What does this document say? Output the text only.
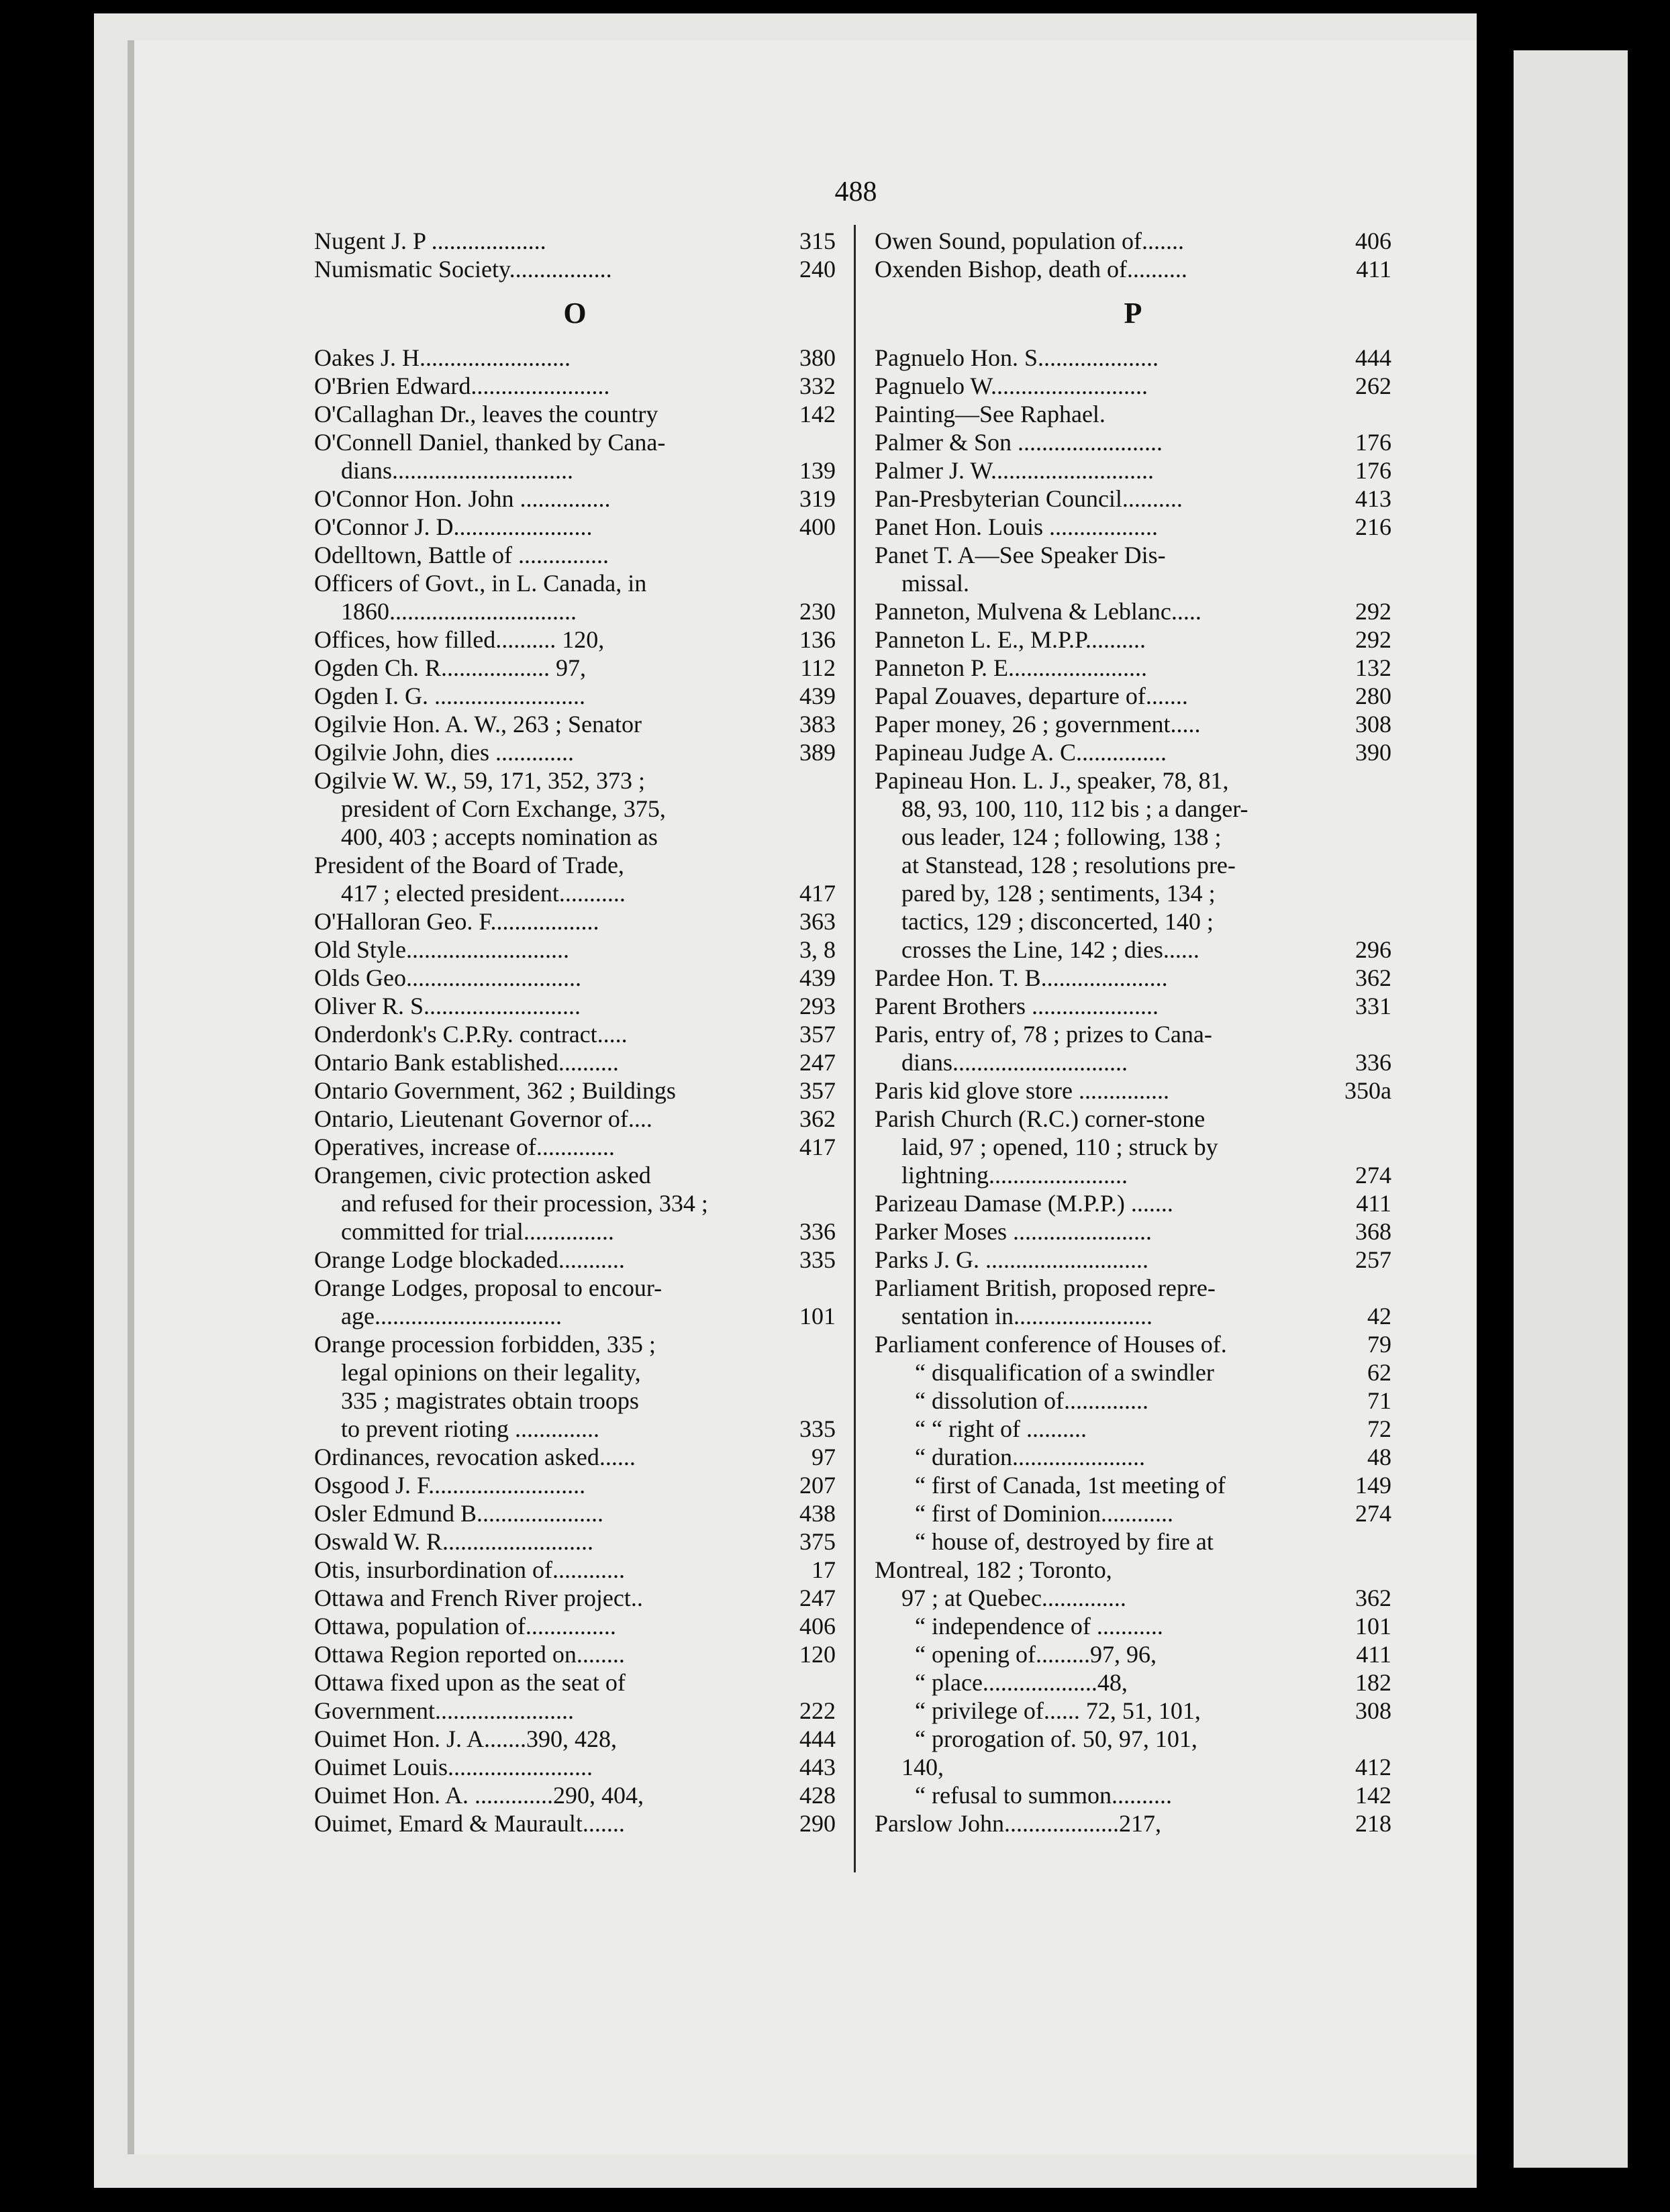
488
Nugent J. P ...................	315
Numismatic Society.................	240
O
Oakes J. H.........................	380
O'Brien Edward.......................	332
O'Callaghan Dr., leaves the country	142
O'Connell Daniel, thanked by Cana-
dians..............................	139
O'Connor Hon. John ...............	319
O'Connor J. D.......................	400
Odelltown, Battle of ...............
Officers of Govt., in L. Canada, in
1860...............................	230
Offices, how filled.......... 120,	136
Ogden Ch. R.................. 97,	112
Ogden I. G. .........................	439
Ogilvie Hon. A. W., 263 ; Senator	383
Ogilvie John, dies .............	389
Ogilvie W. W., 59, 171, 352, 373 ;
president of Corn Exchange, 375,
400, 403 ; accepts nomination as
President of the Board of Trade,
417 ; elected president...........	417
O'Halloran Geo. F..................	363
Old Style...........................	3, 8
Olds Geo.............................	439
Oliver R. S..........................	293
Onderdonk's C.P.Ry. contract.....	357
Ontario Bank established..........	247
Ontario Government, 362 ; Buildings	357
Ontario, Lieutenant Governor of....	362
Operatives, increase of.............	417
Orangemen, civic protection asked
and refused for their procession, 334 ;
committed for trial...............	336
Orange Lodge blockaded...........	335
Orange Lodges, proposal to encour-
age...............................	101
Orange procession forbidden, 335 ;
legal opinions on their legality,
335 ; magistrates obtain troops
to prevent rioting ..............	335
Ordinances, revocation asked......	97
Osgood J. F..........................	207
Osler Edmund B.....................	438
Oswald W. R.........................	375
Otis, insurbordination of............	17
Ottawa and French River project..	247
Ottawa, population of...............	406
Ottawa Region reported on........	120
Ottawa fixed upon as the seat of
Government.......................	222
Ouimet Hon. J. A.......390, 428,	444
Ouimet Louis........................	443
Ouimet Hon. A. .............290, 404,	428
Ouimet, Emard & Maurault.......	290
Owen Sound, population of.......	406
Oxenden Bishop, death of..........	411
P
Pagnuelo Hon. S....................	444
Pagnuelo W..........................	262
Painting—See Raphael.
Palmer & Son ........................	176
Palmer J. W...........................	176
Pan-Presbyterian Council..........	413
Panet Hon. Louis ..................	216
Panet T. A—See Speaker Dis-
missal.
Panneton, Mulvena & Leblanc.....	292
Panneton L. E., M.P.P..........	292
Panneton P. E.......................	132
Papal Zouaves, departure of.......	280
Paper money, 26 ; government.....	308
Papineau Judge A. C...............	390
Papineau Hon. L. J., speaker, 78, 81,
88, 93, 100, 110, 112 bis ; a danger-
ous leader, 124 ; following, 138 ;
at Stanstead, 128 ; resolutions pre-
pared by, 128 ; sentiments, 134 ;
tactics, 129 ; disconcerted, 140 ;
crosses the Line, 142 ; dies......	296
Pardee Hon. T. B.....................	362
Parent Brothers .....................	331
Paris, entry of, 78 ; prizes to Cana-
dians.............................	336
Paris kid glove store ...............	350a
Parish Church (R.C.) corner-stone
laid, 97 ; opened, 110 ; struck by
lightning.......................	274
Parizeau Damase (M.P.P.) .......	411
Parker Moses .......................	368
Parks J. G. ...........................	257
Parliament British, proposed repre-
sentation in.......................	42
Parliament conference of Houses of.	79
“ disqualification of a swindler	62
“ dissolution of..............	71
“ “ right of ..........	72
“ duration......................	48
“ first of Canada, 1st meeting of	149
“ first of Dominion............	274
“ house of, destroyed by fire at
Montreal, 182 ; Toronto,
97 ; at Quebec..............	362
“ independence of ...........	101
“ opening of.........97, 96,	411
“ place...................48,	182
“ privilege of...... 72, 51, 101,	308
“ prorogation of. 50, 97, 101,
140,	412
“ refusal to summon..........	142
Parslow John...................217,	218
